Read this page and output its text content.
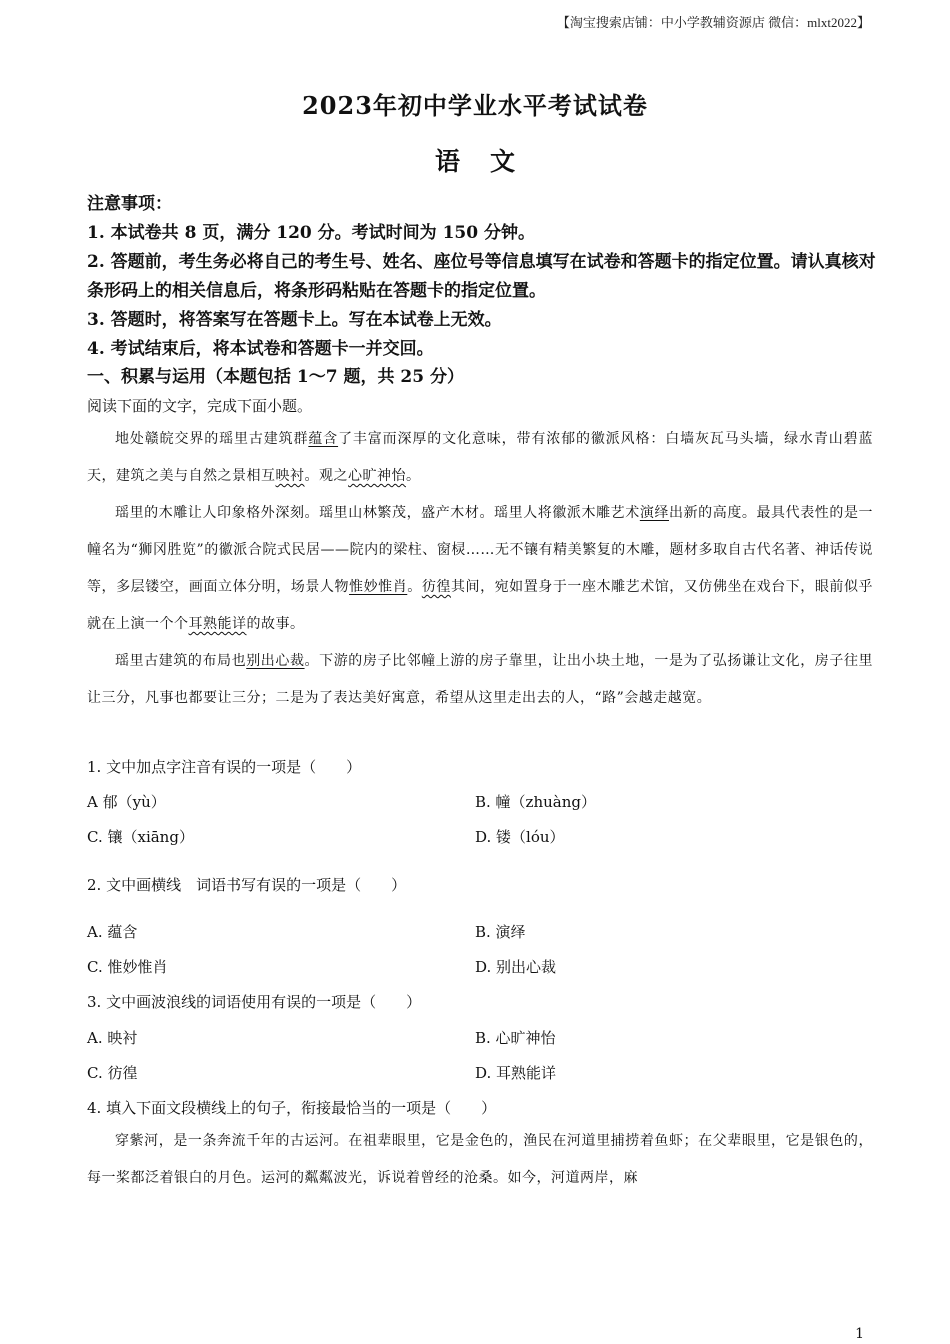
【淘宝搜索店铺：中小学教辅资源店 微信：mlxt2022】
2023年初中学业水平考试试卷
语文
注意事项：
1. 本试卷共 8 页，满分 120 分。考试时间为 150 分钟。
2. 答题前，考生务必将自己的考生号、姓名、座位号等信息填写在试卷和答题卡的指定位置。请认真核对条形码上的相关信息后，将条形码粘贴在答题卡的指定位置。
3. 答题时，将答案写在答题卡上。写在本试卷上无效。
4. 考试结束后，将本试卷和答题卡一并交回。
一、积累与运用（本题包括 1～7 题，共 25 分）
阅读下面的文字，完成下面小题。

地处赣皖交界的瑶里古建筑群蕴含了丰富而深厚的文化意味，带有浓郁的徽派风格：白墙灰瓦马头墙，绿水青山碧蓝天，建筑之美与自然之景相互映衬。观之心旷神怡。

瑶里的木雕让人印象格外深刻。瑶里山林繁茂，盛产木材。瑶里人将徽派木雕艺术演绎出新的高度。最具代表性的是一幢名为“狮冈胜览”的徽派合院式民居——院内的梁柱、窗棂……无不镶有精美繁复的木雕，题材多取自古代名著、神话传说等，多层镂空，画面立体分明，场景人物惟妙惟肖。彷徨其间，宛如置身于一座木雕艺术馆，又仿佛坐在戏台下，眼前似乎就在上演一个个耳熟能详的故事。

瑶里古建筑的布局也别出心裁。下游的房子比邻幢上游的房子靠里，让出小块土地，一是为了弘扬谦让文化，房子往里让三分，凡事也都要让三分；二是为了表达美好寓意，希望从这里走出去的人，“路”会越走越宽。

1. 文中加点字注音有误的一项是（　　）
A 郁（yù）	B. 幢（zhuàng）
C. 镶（xiāng）	D. 镂（lóu）
2. 文中画横线　词语书写有误的一项是（　　）
A. 蕴含	B. 演绎
C. 惟妙惟肖	D. 别出心裁
3. 文中画波浪线的词语使用有误的一项是（　　）
A. 映衬	B. 心旷神怡
C. 彷徨	D. 耳熟能详
4. 填入下面文段横线上的句子，衔接最恰当的一项是（　　）

穿紫河，是一条奔流千年的古运河。在祖辈眼里，它是金色的，渔民在河道里捕捞着鱼虾；在父辈眼里，它是银色的，每一桨都泛着银白的月色。运河的粼粼波光，诉说着曾经的沧桑。如今，河道两岸，麻

1
